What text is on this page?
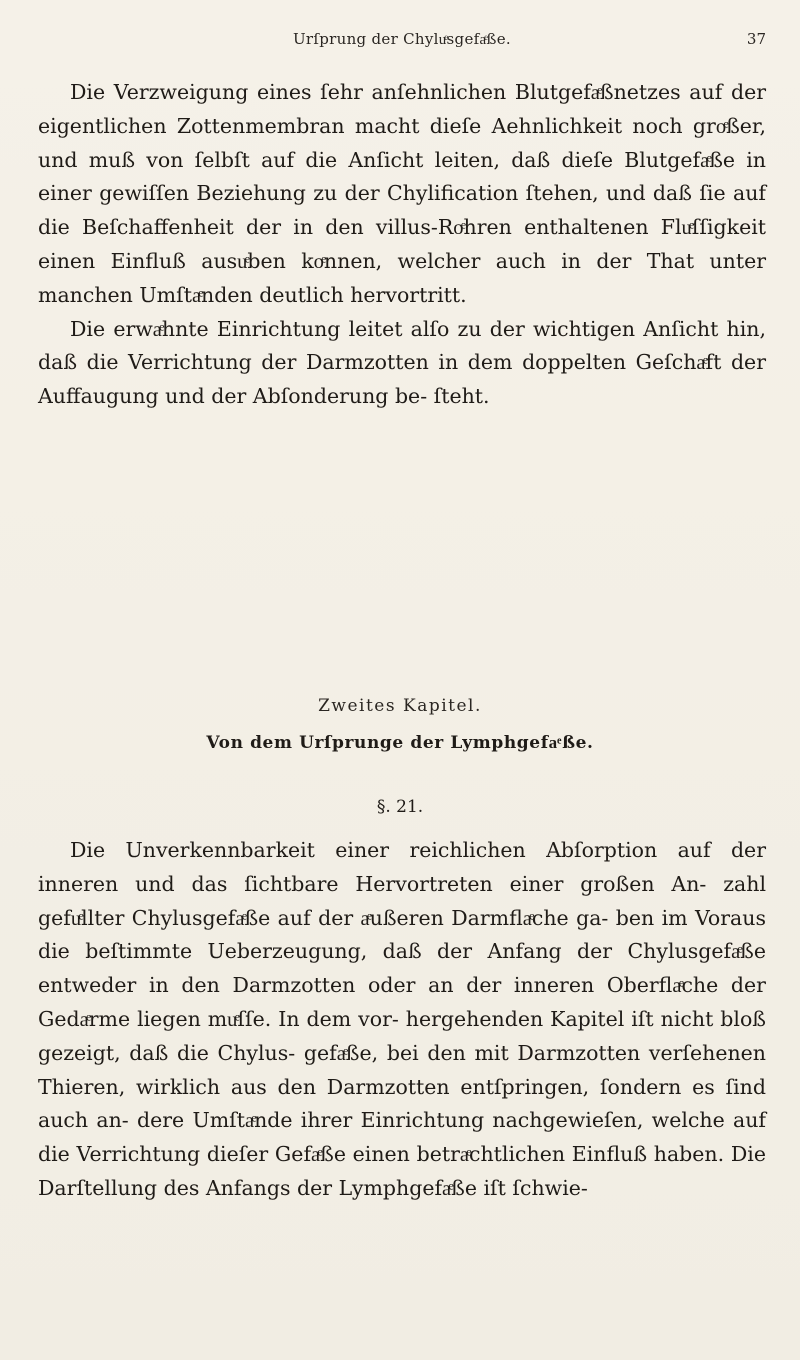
Urſprung der Chyluͤsgefaͤße.	37

Die Verzweigung eines ſehr anſehnlichen Blutgefaͤßnetzes auf der eigentlichen Zottenmembran macht dieſe Aehnlichkeit noch groͤßer, und muß von ſelbſt auf die Anſicht leiten, daß dieſe Blutgefaͤße in einer gewiſſen Beziehung zu der Chylification ſtehen, und daß ſie auf die Beſchaffenheit der in den villus-Roͤhren enthaltenen Fluͤſſigkeit einen Einfluß ausuͤben koͤnnen, welcher auch in der That unter manchen Umſtaͤnden deutlich hervortritt.

Die erwaͤhnte Einrichtung leitet alſo zu der wichtigen Anſicht hin, daß die Verrichtung der Darmzotten in dem doppelten Geſchaͤft der Auffaugung und der Abſonderung be- ſteht.

Zweites Kapitel.
Von dem Urſprunge der Lymphgefaͤße.
§. 21.

Die Unverkennbarkeit einer reichlichen Abſorption auf der inneren und das ſichtbare Hervortreten einer großen An- zahl gefuͤllter Chylusgefaͤße auf der aͤußeren Darmflaͤche ga- ben im Voraus die beſtimmte Ueberzeugung, daß der Anfang der Chylusgefaͤße entweder in den Darmzotten oder an der inneren Oberflaͤche der Gedaͤrme liegen muͤſſe. In dem vor- hergehenden Kapitel iſt nicht bloß gezeigt, daß die Chylus- gefaͤße, bei den mit Darmzotten verſehenen Thieren, wirklich aus den Darmzotten entſpringen, ſondern es ſind auch an- dere Umſtaͤnde ihrer Einrichtung nachgewieſen, welche auf die Verrichtung dieſer Gefaͤße einen betraͤchtlichen Einfluß haben. Die Darſtellung des Anfangs der Lymphgefaͤße iſt ſchwie-
